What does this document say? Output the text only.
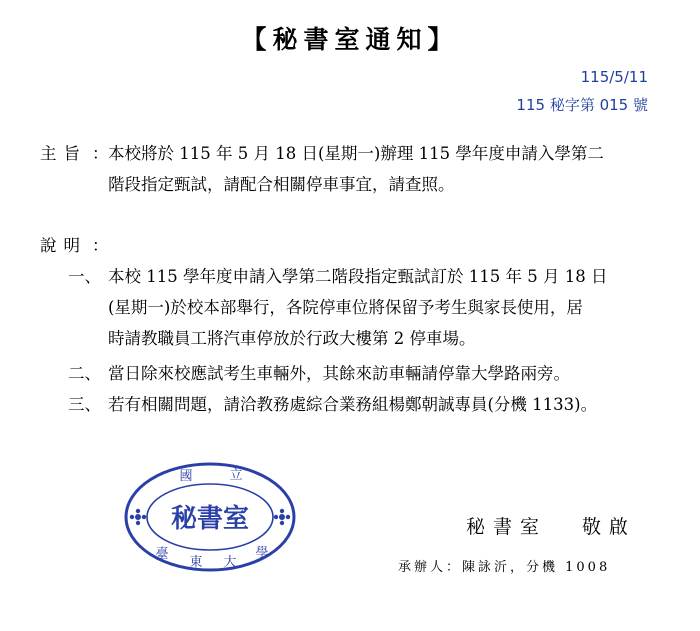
【秘書室通知】
115/5/11
115 秘字第 015 號
主旨 ： 本校將於 115 年 5 月 18 日(星期一)辦理 115 學年度申請入學第二
階段指定甄試，請配合相關停車事宜，請查照。
說明 ：
一、 本校 115 學年度申請入學第二階段指定甄試訂於 115 年 5 月 18 日
(星期一)於校本部舉行，各院停車位將保留予考生與家長使用，居
時請教職員工將汽車停放於行政大樓第 2 停車場。
二、 當日除來校應試考生車輛外，其餘來訪車輛請停靠大學路兩旁。
三、 若有相關問題，請洽教務處綜合業務組楊鄭朝誠專員(分機 1133)。
秘書室
國	立
臺
東 大
學
秘書室 敬啟
承辦人：陳詠沂，分機 1008
